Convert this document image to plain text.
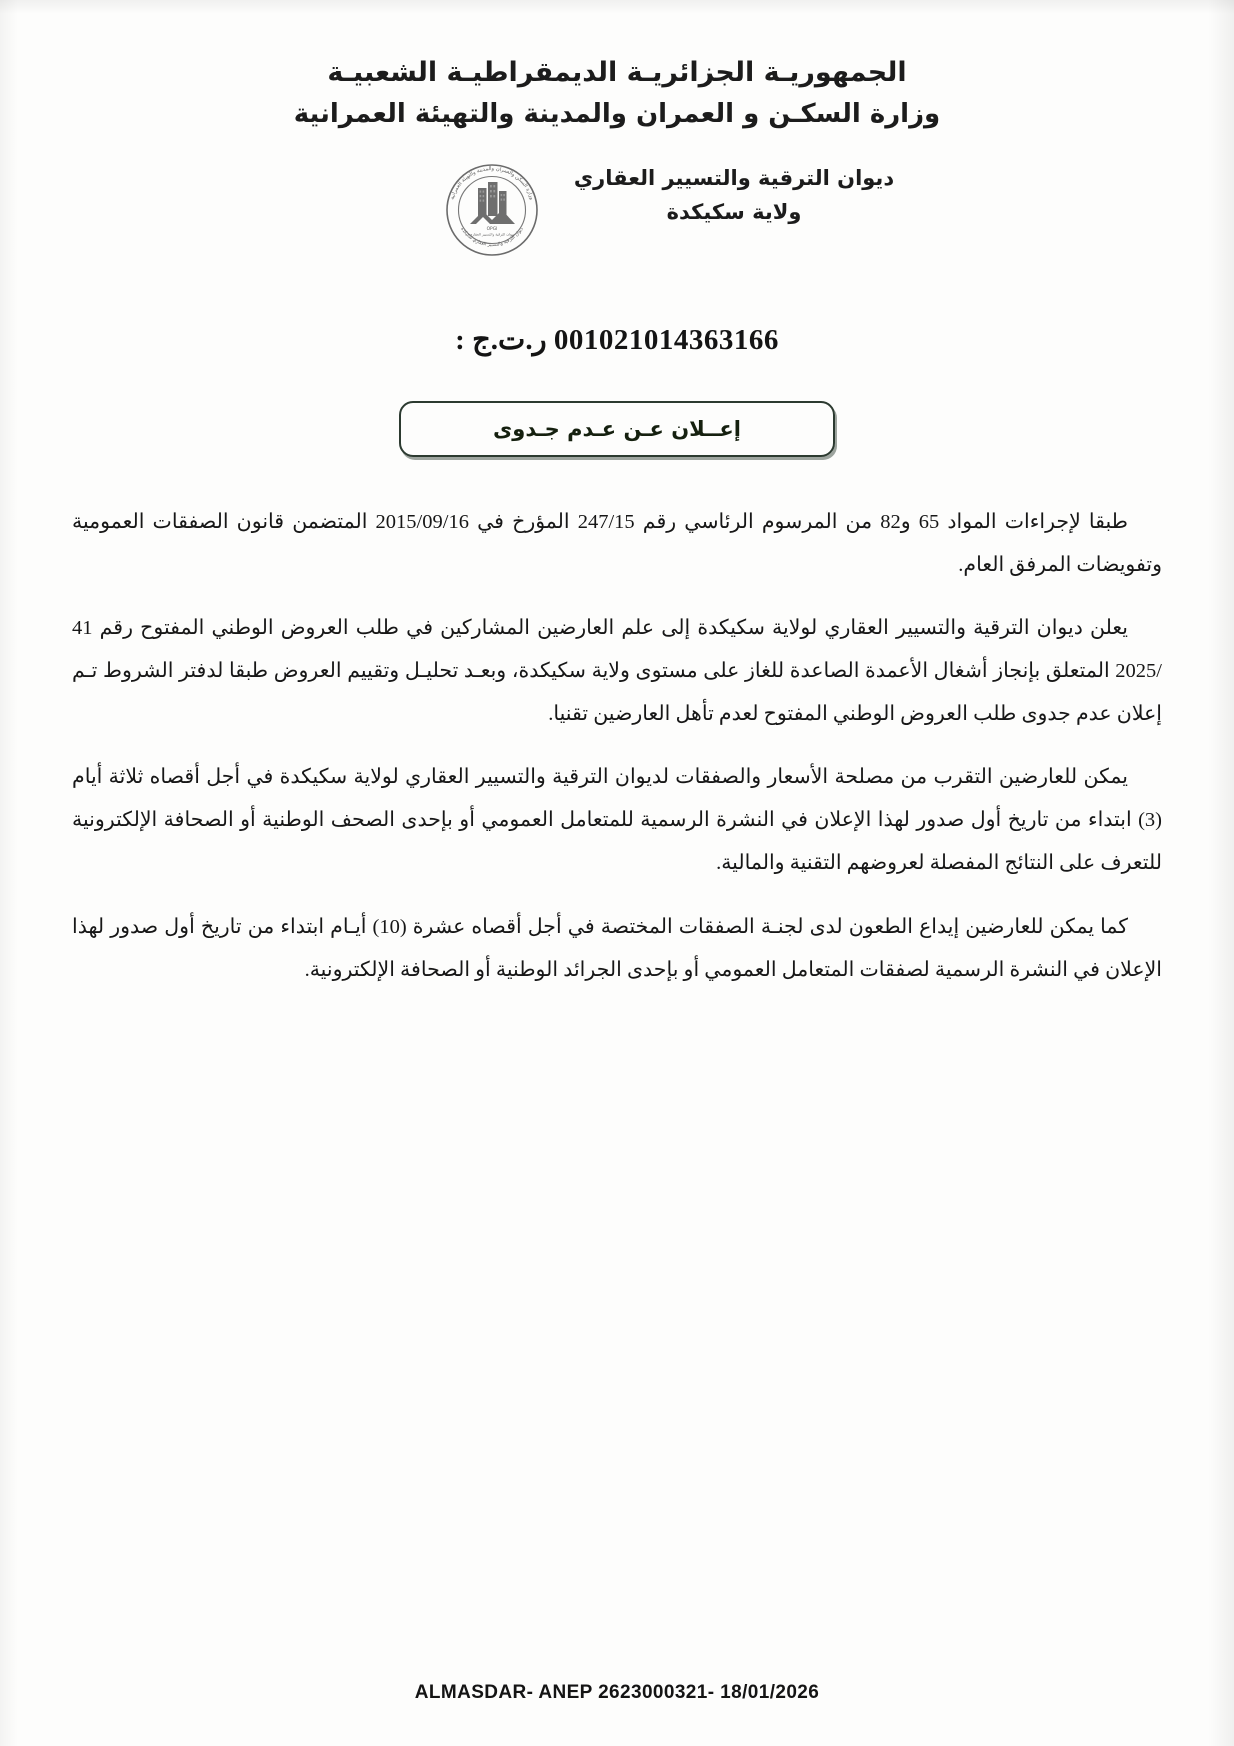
الجمهوريـة الجزائريـة الديمقراطيـة الشعبيـة
وزارة السكـن و العمران والمدينة والتهيئة العمرانية
وزارة السكن والعمران والمدينة والتهيئة العمرانية
ديوان الترقية والتسيير العقاري سكيكدة
OPGI
ديوان الترقية والتسيير العقاري
ديوان الترقية والتسيير العقاري
ولاية سكيكدة
001021014363166 ر.ت.ج :
إعــلان عـن عـدم جـدوى

طبقا لإجراءات المواد 65 و82 من المرسوم الرئاسي رقم 247/15 المؤرخ في 2015/09/16 المتضمن قانون الصفقات العمومية وتفويضات المرفق العام.

يعلن ديوان الترقية والتسيير العقاري لولاية سكيكدة إلى علم العارضين المشاركين في طلب العروض الوطني المفتوح رقم 41 /2025 المتعلق بإنجاز أشغال الأعمدة الصاعدة للغاز على مستوى ولاية سكيكدة، وبعـد تحليـل وتقييم العروض طبقا لدفتر الشروط تـم إعلان عدم جدوى طلب العروض الوطني المفتوح لعدم تأهل العارضين تقنيا.

يمكن للعارضين التقرب من مصلحة الأسعار والصفقات لديوان الترقية والتسيير العقاري لولاية سكيكدة في أجل أقصاه ثلاثة أيام (3) ابتداء من تاريخ أول صدور لهذا الإعلان في النشرة الرسمية للمتعامل العمومي أو بإحدى الصحف الوطنية أو الصحافة الإلكترونية للتعرف على النتائج المفصلة لعروضهم التقنية والمالية.

كما يمكن للعارضين إيداع الطعون لدى لجنـة الصفقات المختصة في أجل أقصاه عشرة (10) أيـام ابتداء من تاريخ أول صدور لهذا الإعلان في النشرة الرسمية لصفقات المتعامل العمومي أو بإحدى الجرائد الوطنية أو الصحافة الإلكترونية.

ALMASDAR- ANEP 2623000321- 18/01/2026
